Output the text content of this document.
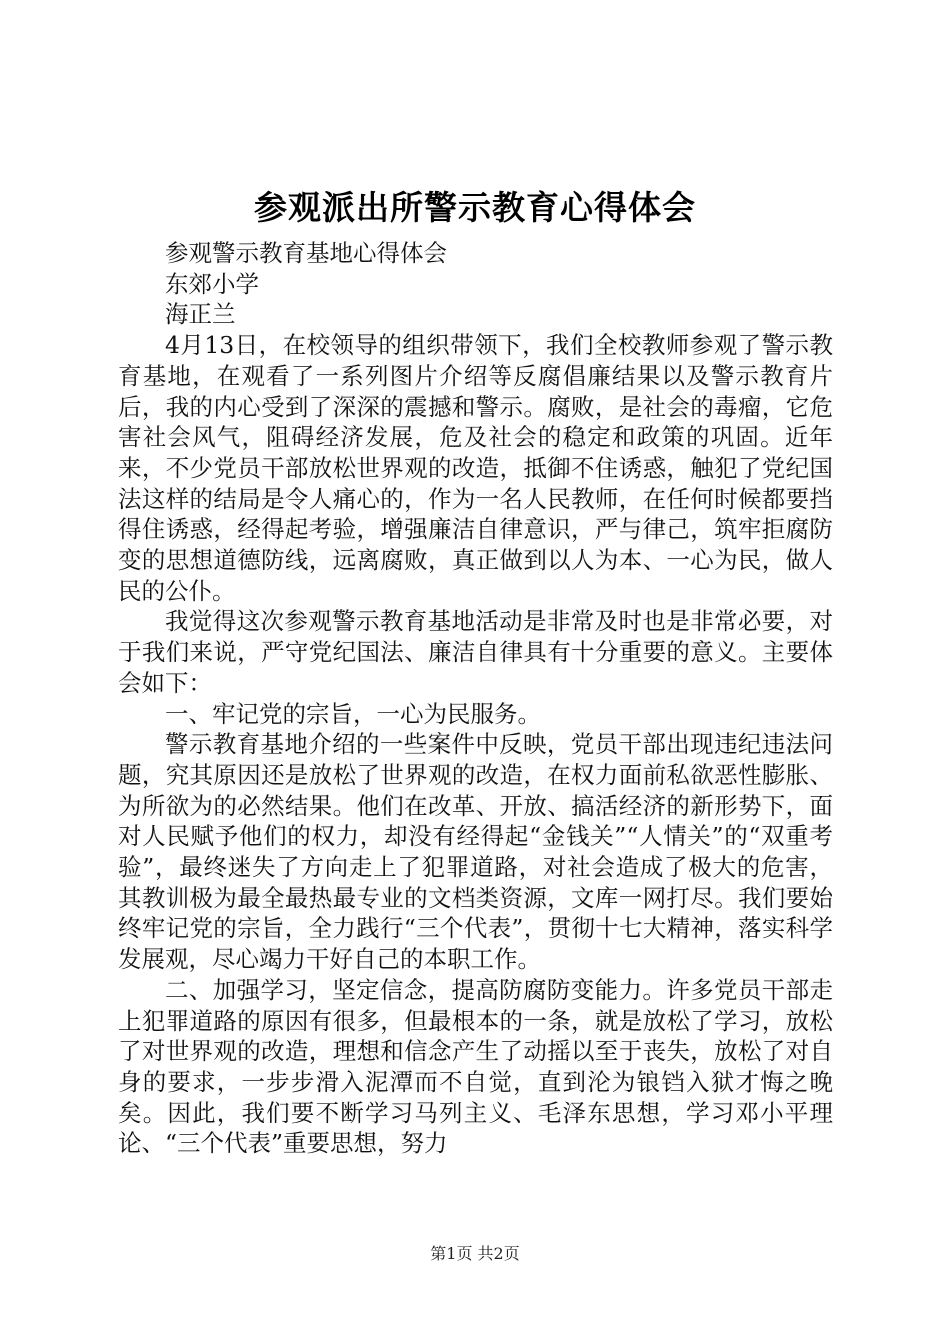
参观派出所警示教育心得体会

参观警示教育基地心得体会

东郊小学

海正兰

4月13日，在校领导的组织带领下，我们全校教师参观了警示教育基地，在观看了一系列图片介绍等反腐倡廉结果以及警示教育片后，我的内心受到了深深的震撼和警示。腐败，是社会的毒瘤，它危害社会风气，阻碍经济发展，危及社会的稳定和政策的巩固。近年来，不少党员干部放松世界观的改造，抵御不住诱惑，触犯了党纪国法这样的结局是令人痛心的，作为一名人民教师，在任何时候都要挡得住诱惑，经得起考验，增强廉洁自律意识，严与律己，筑牢拒腐防变的思想道德防线，远离腐败，真正做到以人为本、一心为民，做人民的公仆。

我觉得这次参观警示教育基地活动是非常及时也是非常必要，对于我们来说，严守党纪国法、廉洁自律具有十分重要的意义。主要体会如下：

一、牢记党的宗旨，一心为民服务。

警示教育基地介绍的一些案件中反映，党员干部出现违纪违法问题，究其原因还是放松了世界观的改造，在权力面前私欲恶性膨胀、为所欲为的必然结果。他们在改革、开放、搞活经济的新形势下，面对人民赋予他们的权力，却没有经得起“金钱关”“人情关”的“双重考验”，最终迷失了方向走上了犯罪道路，对社会造成了极大的危害，其教训极为最全最热最专业的文档类资源，文库一网打尽。我们要始终牢记党的宗旨，全力践行“三个代表”，贯彻十七大精神，落实科学发展观，尽心竭力干好自己的本职工作。

二、加强学习，坚定信念，提高防腐防变能力。许多党员干部走上犯罪道路的原因有很多，但最根本的一条，就是放松了学习，放松了对世界观的改造，理想和信念产生了动摇以至于丧失，放松了对自身的要求，一步步滑入泥潭而不自觉，直到沦为锒铛入狱才悔之晚矣。因此，我们要不断学习马列主义、毛泽东思想，学习邓小平理论、“三个代表”重要思想，努力

第1页 共2页
